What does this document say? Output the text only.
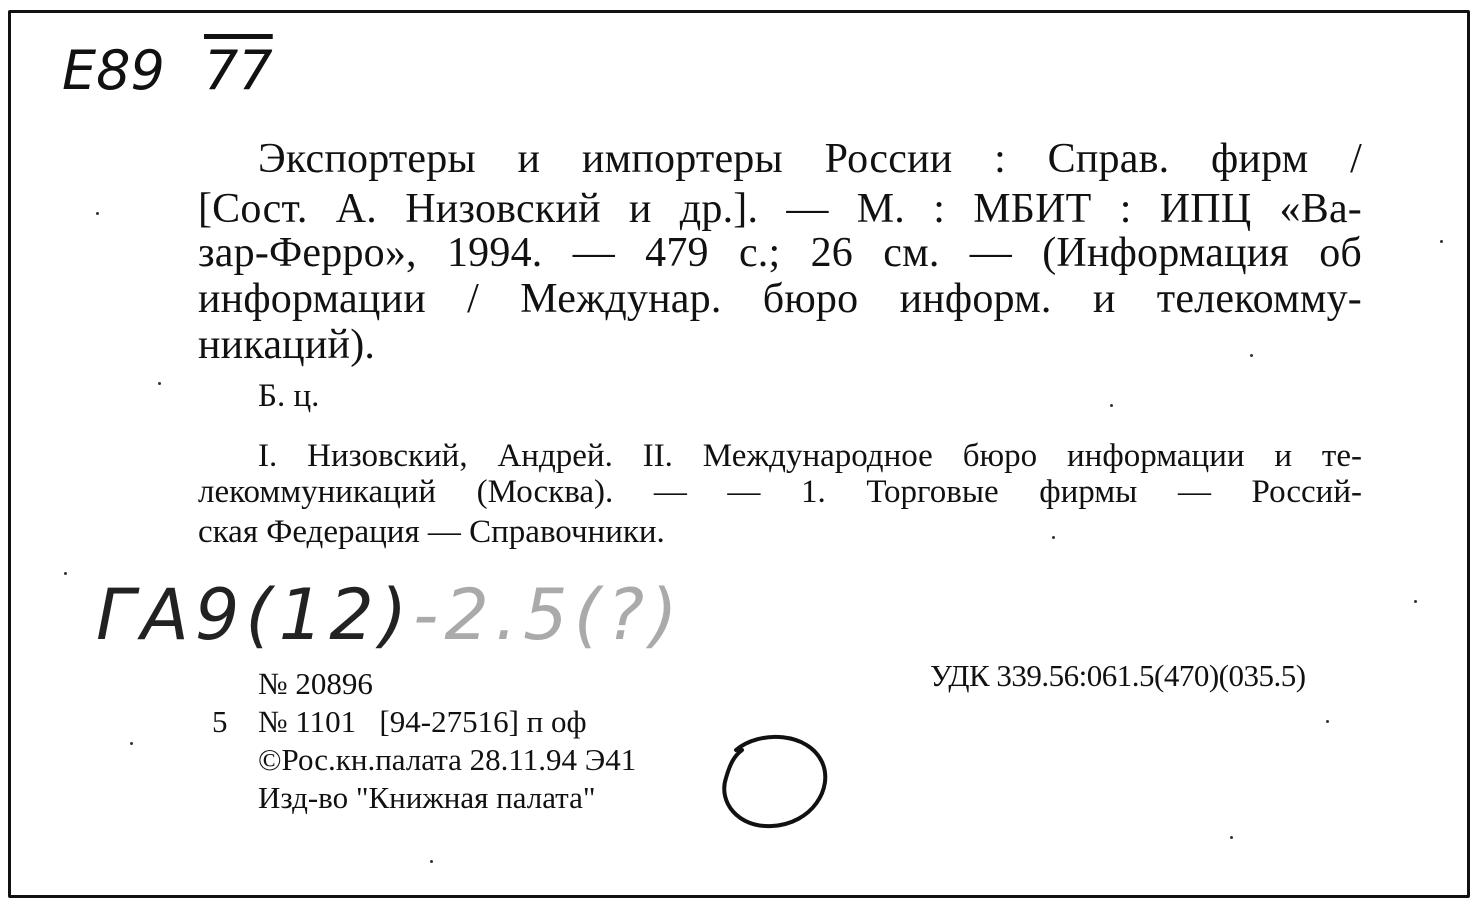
Е89 77
Экспортеры и импортеры России : Справ. фирм /
[Сост. А. Низовский и др.]. — М. : МБИТ : ИПЦ «Ва-
зар-Ферро», 1994. — 479 с.; 26 см. — (Информация об
информации / Междунар. бюро информ. и телекомму-
никаций).
Б. ц.
I. Низовский, Андрей. II. Международное бюро информации и те-
лекоммуникаций (Москва). — — 1. Торговые фирмы — Россий-
ская Федерация — Справочники.
ГА9(12)-2.5(?)
№ 20896	УДК 339.56:061.5(470)(035.5)
5 № 1101   [94-27516] п оф
©Рос.кн.палата 28.11.94 Э41
Изд-во "Книжная палата"
